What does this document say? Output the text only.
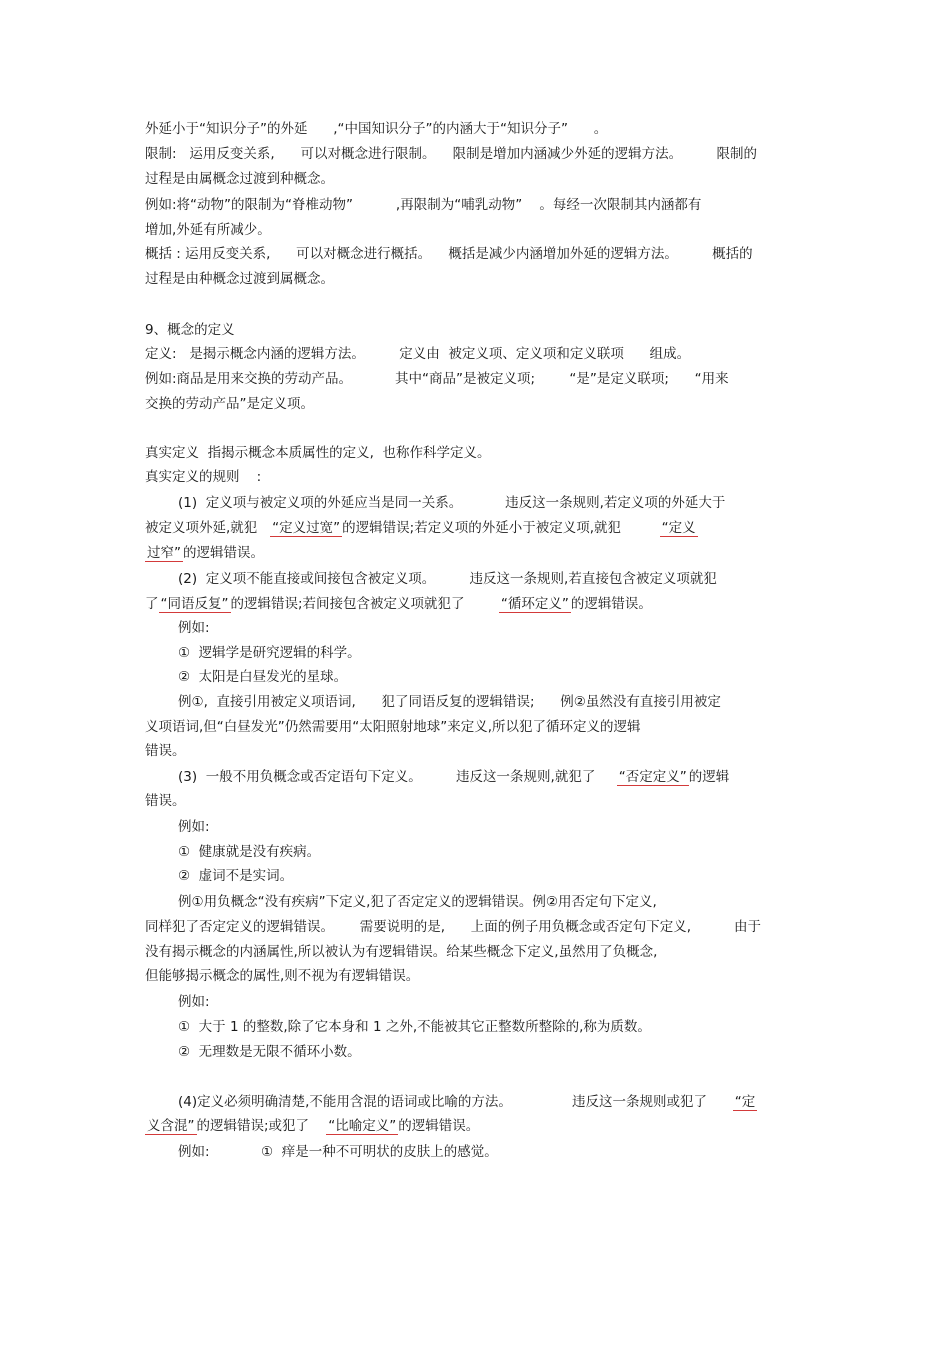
外延小于“知识分子”的外延      ,“中国知识分子”的内涵大于“知识分子”      。
限制:   运用反变关系,      可以对概念进行限制。    限制是增加内涵减少外延的逻辑方法。        限制的
过程是由属概念过渡到种概念。
例如:将“动物”的限制为“脊椎动物”          ,再限制为“哺乳动物”    。每经一次限制其内涵都有
增加,外延有所减少。
概括 : 运用反变关系,      可以对概念进行概括。    概括是减少内涵增加外延的逻辑方法。        概括的
过程是由种概念过渡到属概念。
9、概念的定义
定义:   是揭示概念内涵的逻辑方法。        定义由  被定义项、定义项和定义联项      组成。
例如:商品是用来交换的劳动产品。          其中“商品”是被定义项;        “是”是定义联项;      “用来
交换的劳动产品”是定义项。
真实定义  指揭示概念本质属性的定义,  也称作科学定义。
真实定义的规则    :
(1)  定义项与被定义项的外延应当是同一关系。          违反这一条规则,若定义项的外延大于
被定义项外延,就犯   “定义过宽” 的逻辑错误;若定义项的外延小于被定义项,就犯         “定义
过窄” 的逻辑错误。
(2)  定义项不能直接或间接包含被定义项。        违反这一条规则,若直接包含被定义项就犯
了 “同语反复” 的逻辑错误;若间接包含被定义项就犯了        “循环定义” 的逻辑错误。
例如:
①  逻辑学是研究逻辑的科学。
②  太阳是白昼发光的星球。
例①,  直接引用被定义项语词,      犯了同语反复的逻辑错误;      例②虽然没有直接引用被定
义项语词,但“白昼发光”仍然需要用“太阳照射地球”来定义,所以犯了循环定义的逻辑
错误。
(3)  一般不用负概念或否定语句下定义。        违反这一条规则,就犯了     “否定定义” 的逻辑
错误。
例如:
①  健康就是没有疾病。
②  虚词不是实词。
例①用负概念“没有疾病”下定义,犯了否定定义的逻辑错误。例②用否定句下定义,
同样犯了否定定义的逻辑错误。      需要说明的是,      上面的例子用负概念或否定句下定义,          由于
没有揭示概念的内涵属性,所以被认为有逻辑错误。给某些概念下定义,虽然用了负概念,
但能够揭示概念的属性,则不视为有逻辑错误。
例如:
①  大于 1 的整数,除了它本身和 1 之外,不能被其它正整数所整除的,称为质数。
②  无理数是无限不循环小数。
(4)定义必须明确清楚,不能用含混的语词或比喻的方法。              违反这一条规则或犯了      “定
义含混” 的逻辑错误;或犯了    “比喻定义” 的逻辑错误。
例如:            ①  痒是一种不可明状的皮肤上的感觉。
